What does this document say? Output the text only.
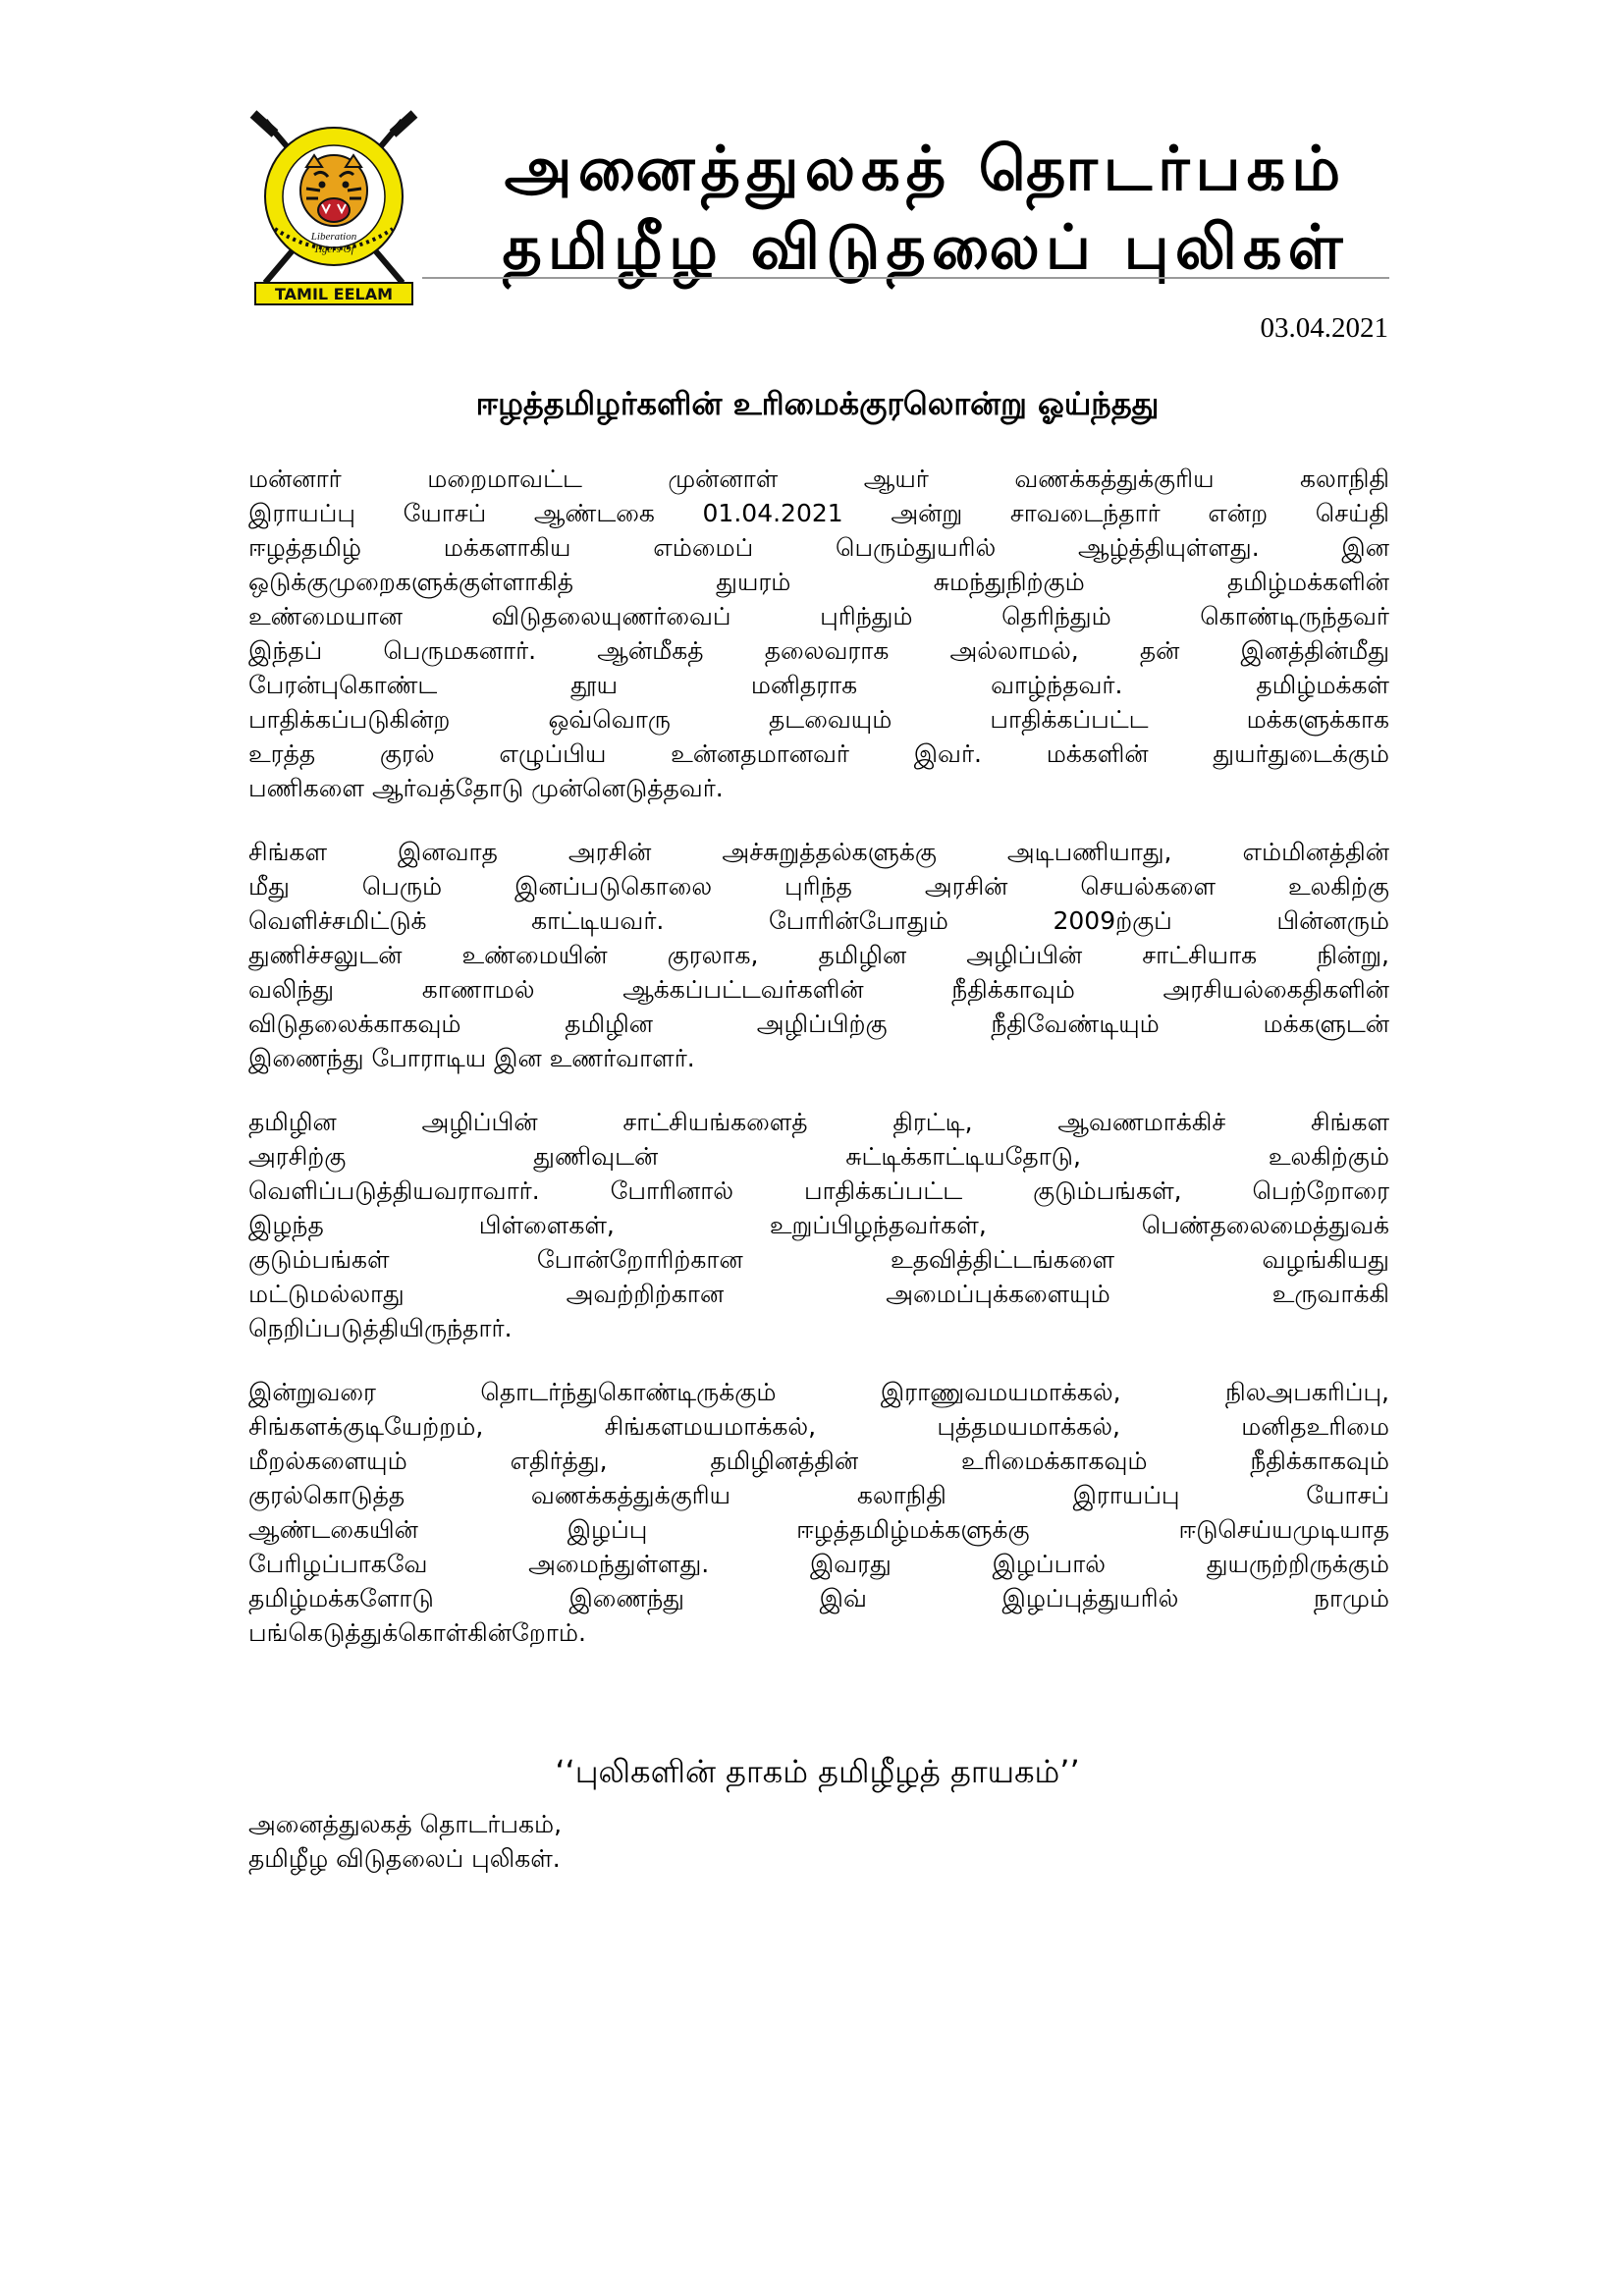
Liberation
Tigers Of
TAMIL EELAM
அனைத்துலகத் தொடர்பகம்
தமிழீழ விடுதலைப் புலிகள்
03.04.2021
ஈழத்தமிழர்களின் உரிமைக்குரலொன்று ஓய்ந்தது
மன்னார் மறைமாவட்ட முன்னாள் ஆயர் வணக்கத்துக்குரிய கலாநிதி
இராயப்பு யோசப் ஆண்டகை 01.04.2021 அன்று சாவடைந்தார் என்ற செய்தி
ஈழத்தமிழ் மக்களாகிய எம்மைப் பெரும்துயரில் ஆழ்த்தியுள்ளது. இன
ஒடுக்குமுறைகளுக்குள்ளாகித் துயரம் சுமந்துநிற்கும் தமிழ்மக்களின்
உண்மையான விடுதலையுணர்வைப் புரிந்தும் தெரிந்தும் கொண்டிருந்தவர்
இந்தப் பெருமகனார். ஆன்மீகத் தலைவராக அல்லாமல், தன் இனத்தின்மீது
பேரன்புகொண்ட தூய மனிதராக வாழ்ந்தவர். தமிழ்மக்கள்
பாதிக்கப்படுகின்ற ஒவ்வொரு தடவையும் பாதிக்கப்பட்ட மக்களுக்காக
உரத்த குரல் எழுப்பிய உன்னதமானவர் இவர். மக்களின் துயர்துடைக்கும்
பணிகளை ஆர்வத்தோடு முன்னெடுத்தவர்.
சிங்கள இனவாத அரசின் அச்சுறுத்தல்களுக்கு அடிபணியாது, எம்மினத்தின்
மீது பெரும் இனப்படுகொலை புரிந்த அரசின் செயல்களை உலகிற்கு
வெளிச்சமிட்டுக் காட்டியவர். போரின்போதும் 2009ற்குப் பின்னரும்
துணிச்சலுடன் உண்மையின் குரலாக, தமிழின அழிப்பின் சாட்சியாக நின்று,
வலிந்து காணாமல் ஆக்கப்பட்டவர்களின் நீதிக்காவும் அரசியல்கைதிகளின்
விடுதலைக்காகவும் தமிழின அழிப்பிற்கு நீதிவேண்டியும் மக்களுடன்
இணைந்து போராடிய இன உணர்வாளர்.
தமிழின அழிப்பின் சாட்சியங்களைத் திரட்டி, ஆவணமாக்கிச் சிங்கள
அரசிற்கு துணிவுடன் சுட்டிக்காட்டியதோடு, உலகிற்கும்
வெளிப்படுத்தியவராவார். போரினால் பாதிக்கப்பட்ட குடும்பங்கள், பெற்றோரை
இழந்த பிள்ளைகள், உறுப்பிழந்தவர்கள், பெண்தலைமைத்துவக்
குடும்பங்கள் போன்றோரிற்கான உதவித்திட்டங்களை வழங்கியது
மட்டுமல்லாது அவற்றிற்கான அமைப்புக்களையும் உருவாக்கி
நெறிப்படுத்தியிருந்தார்.
இன்றுவரை தொடர்ந்துகொண்டிருக்கும் இராணுவமயமாக்கல், நிலஅபகரிப்பு,
சிங்களக்குடியேற்றம், சிங்களமயமாக்கல், புத்தமயமாக்கல், மனிதஉரிமை
மீறல்களையும் எதிர்த்து, தமிழினத்தின் உரிமைக்காகவும் நீதிக்காகவும்
குரல்கொடுத்த வணக்கத்துக்குரிய கலாநிதி இராயப்பு யோசப்
ஆண்டகையின் இழப்பு ஈழத்தமிழ்மக்களுக்கு ஈடுசெய்யமுடியாத
பேரிழப்பாகவே அமைந்துள்ளது. இவரது இழப்பால் துயருற்றிருக்கும்
தமிழ்மக்களோடு இணைந்து இவ் இழப்புத்துயரில் நாமும்
பங்கெடுத்துக்கொள்கின்றோம்.
‘‘புலிகளின் தாகம் தமிழீழத் தாயகம்’’
அனைத்துலகத் தொடர்பகம்,
தமிழீழ விடுதலைப் புலிகள்.
